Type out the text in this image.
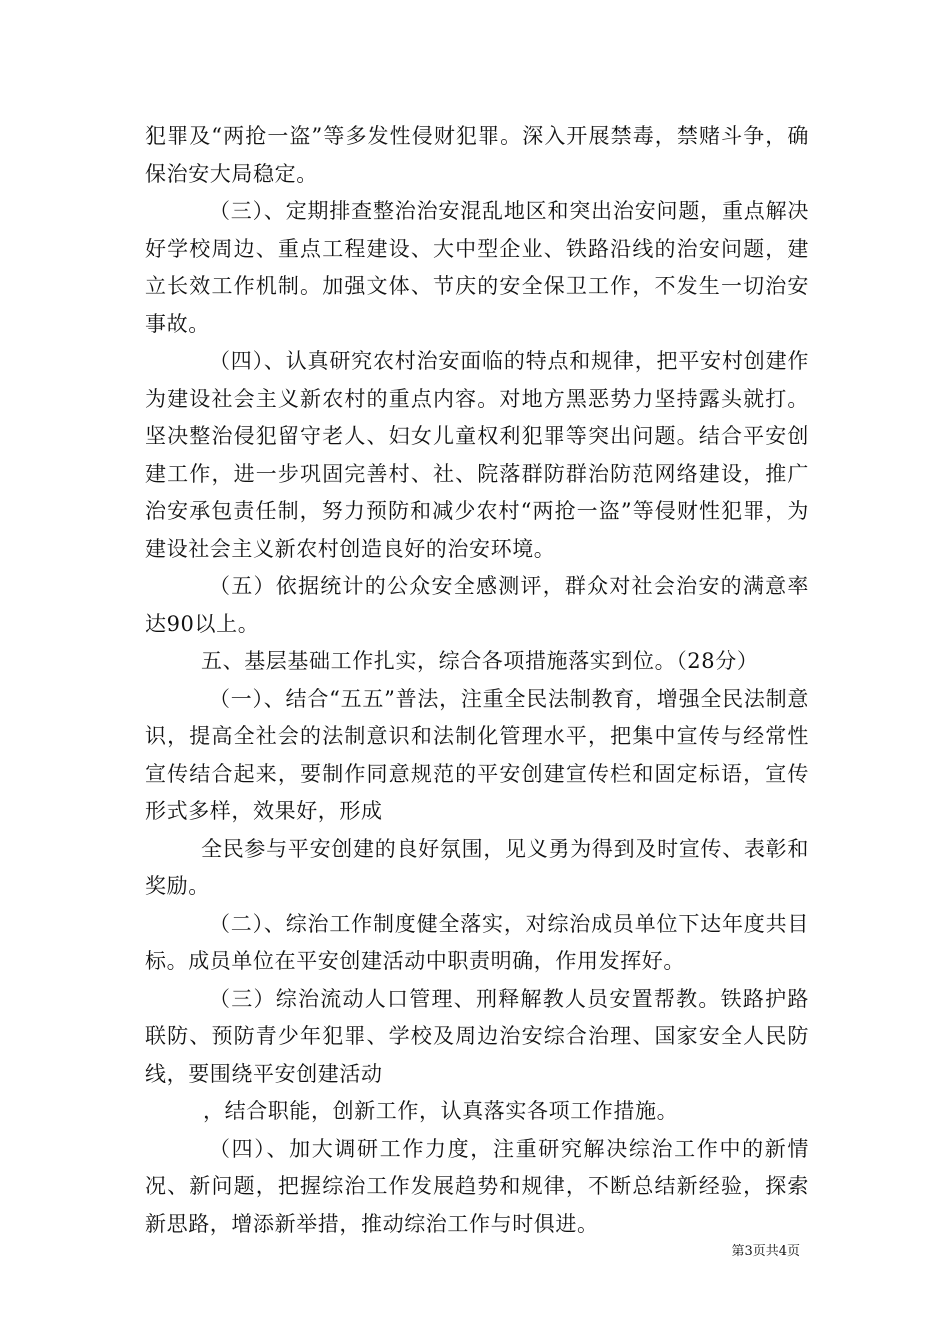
犯罪及“两抢一盗”等多发性侵财犯罪。深入开展禁毒，禁赌斗争，确保治安大局稳定。

（三）、定期排查整治治安混乱地区和突出治安问题，重点解决好学校周边、重点工程建设、大中型企业、铁路沿线的治安问题，建立长效工作机制。加强文体、节庆的安全保卫工作，不发生一切治安事故。

（四）、认真研究农村治安面临的特点和规律，把平安村创建作为建设社会主义新农村的重点内容。对地方黑恶势力坚持露头就打。坚决整治侵犯留守老人、妇女儿童权利犯罪等突出问题。结合平安创建工作，进一步巩固完善村、社、院落群防群治防范网络建设，推广治安承包责任制，努力预防和减少农村“两抢一盗”等侵财性犯罪，为建设社会主义新农村创造良好的治安环境。

（五）依据统计的公众安全感测评，群众对社会治安的满意率达90以上。

五、基层基础工作扎实，综合各项措施落实到位。（28分）

（一）、结合“五五”普法，注重全民法制教育，增强全民法制意识，提高全社会的法制意识和法制化管理水平，把集中宣传与经常性宣传结合起来，要制作同意规范的平安创建宣传栏和固定标语，宣传形式多样，效果好，形成

全民参与平安创建的良好氛围，见义勇为得到及时宣传、表彰和奖励。

（二）、综治工作制度健全落实，对综治成员单位下达年度共目标。成员单位在平安创建活动中职责明确，作用发挥好。

（三）综治流动人口管理、刑释解教人员安置帮教。铁路护路联防、预防青少年犯罪、学校及周边治安综合治理、国家安全人民防线，要围绕平安创建活动

，结合职能，创新工作，认真落实各项工作措施。

（四）、加大调研工作力度，注重研究解决综治工作中的新情况、新问题，把握综治工作发展趋势和规律，不断总结新经验，探索新思路，增添新举措，推动综治工作与时俱进。

第3页共4页
